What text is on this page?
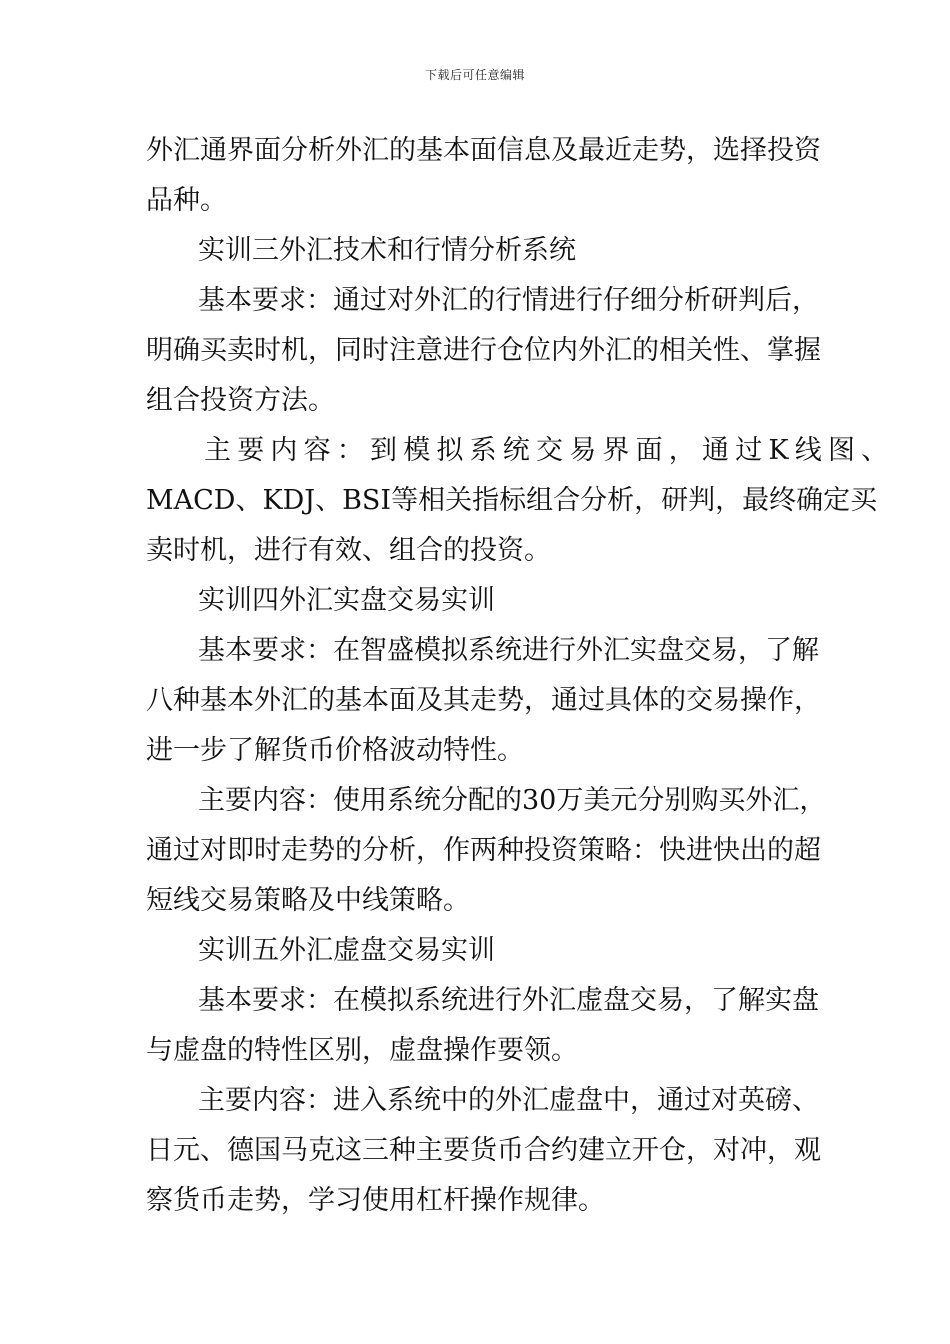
下载后可任意编辑
外汇通界面分析外汇的基本面信息及最近走势，选择投资
品种。
实训三外汇技术和行情分析系统
基本要求：通过对外汇的行情进行仔细分析研判后，
明确买卖时机，同时注意进行仓位内外汇的相关性、掌握
组合投资方法。
主要内容：到模拟系统交易界面，通过K线图、
MACD、KDJ、BSI等相关指标组合分析，研判，最终确定买
卖时机，进行有效、组合的投资。
实训四外汇实盘交易实训
基本要求：在智盛模拟系统进行外汇实盘交易，了解
八种基本外汇的基本面及其走势，通过具体的交易操作，
进一步了解货币价格波动特性。
主要内容：使用系统分配的30万美元分别购买外汇，
通过对即时走势的分析，作两种投资策略：快进快出的超
短线交易策略及中线策略。
实训五外汇虚盘交易实训
基本要求：在模拟系统进行外汇虚盘交易，了解实盘
与虚盘的特性区别，虚盘操作要领。
主要内容：进入系统中的外汇虚盘中，通过对英磅、
日元、德国马克这三种主要货币合约建立开仓，对冲，观
察货币走势，学习使用杠杆操作规律。
